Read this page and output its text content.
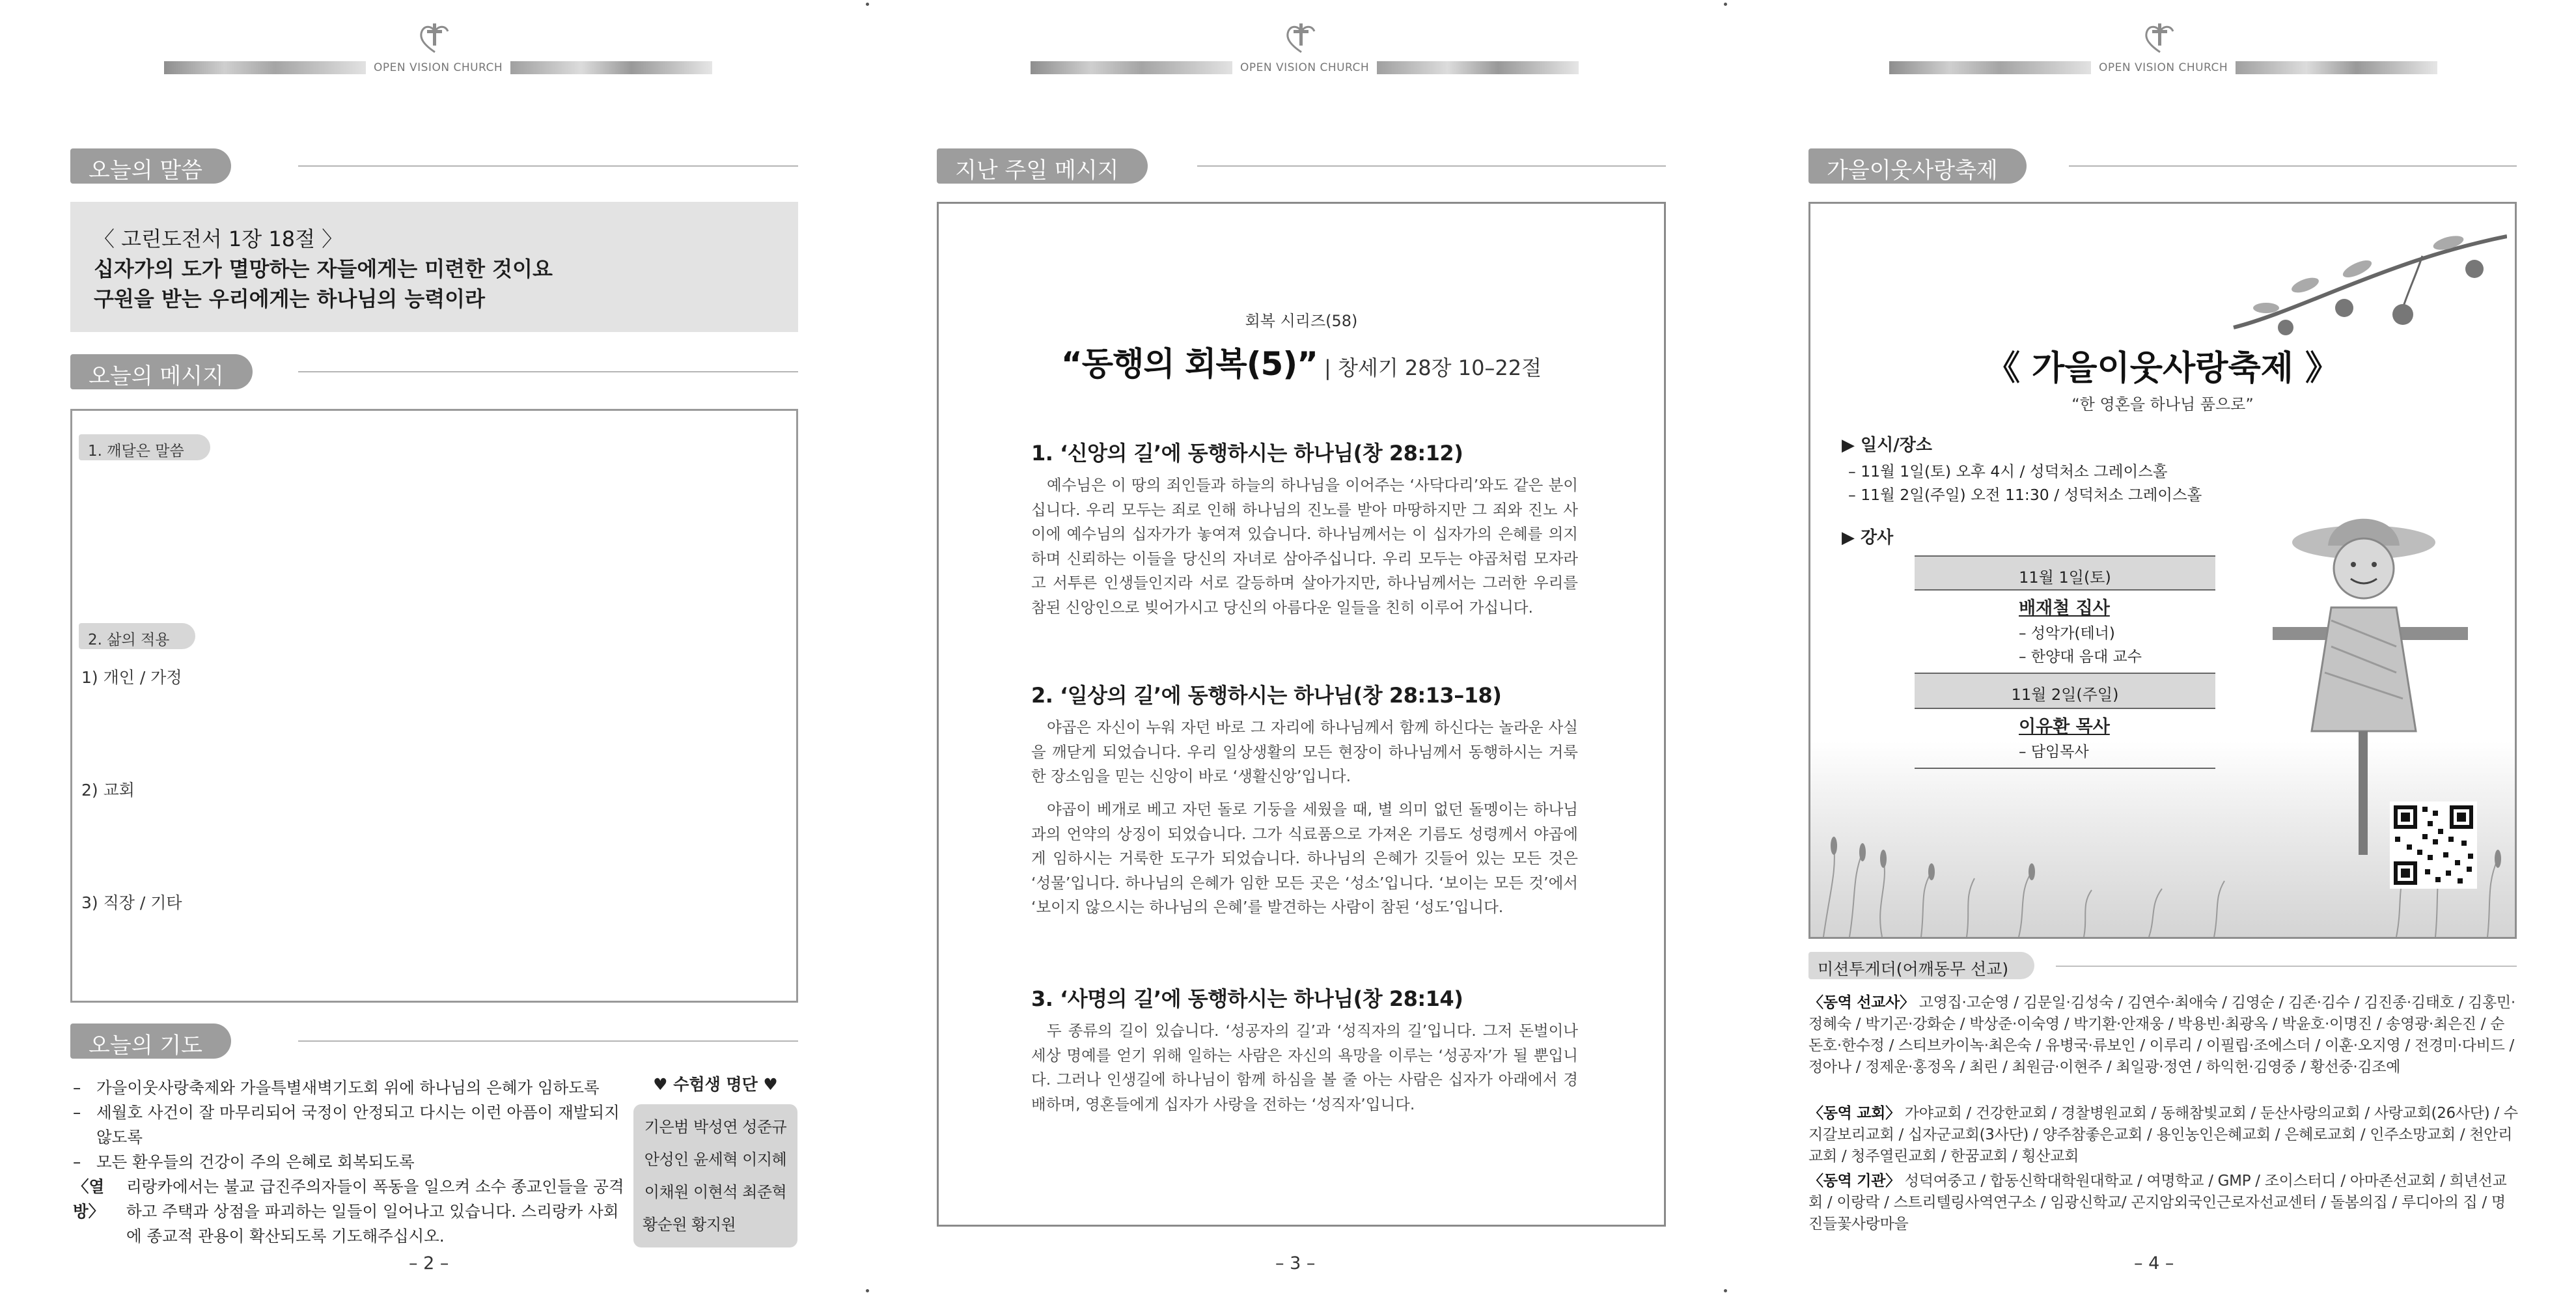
OPEN VISION CHURCH
오늘의 말씀
〈 고린도전서 1장 18절 〉
십자가의 도가 멸망하는 자들에게는 미련한 것이요
구원을 받는 우리에게는 하나님의 능력이라
오늘의 메시지
1. 깨달은 말씀
2. 삶의 적용
1) 개인 / 가정
2) 교회
3) 직장 / 기타
오늘의 기도
– 가을이웃사랑축제와 가을특별새벽기도회 위에 하나님의 은혜가 임하도록
– 세월호 사건이 잘 마무리되어 국정이 안정되고 다시는 이런 아픔이 재발되지 않도록
– 모든 환우들의 건강이 주의 은혜로 회복되도록
〈열방〉
리랑카에서는 불교 급진주의자들이 폭동을 일으켜 소수 종교인들을 공격하고 주택과 상점을 파괴하는 일들이 일어나고 있습니다. 스리랑카 사회에 종교적 관용이 확산되도록 기도해주십시오.
♥ 수험생 명단 ♥
기은범 박성연 성준규
안성인 윤세혁 이지혜
이채원 이현석 최준혁
황순원 황지원
– 2 –
OPEN VISION CHURCH
지난 주일 메시지
회복 시리즈(58)
“동행의 회복(5)” | 창세기 28장 10–22절
1. ‘신앙의 길’에 동행하시는 하나님(창 28:12)
예수님은 이 땅의 죄인들과 하늘의 하나님을 이어주는 ‘사닥다리’와도 같은 분이십니다. 우리 모두는 죄로 인해 하나님의 진노를 받아 마땅하지만 그 죄와 진노 사이에 예수님의 십자가가 놓여져 있습니다. 하나님께서는 이 십자가의 은혜를 의지하며 신뢰하는 이들을 당신의 자녀로 삼아주십니다. 우리 모두는 야곱처럼 모자라고 서투른 인생들인지라 서로 갈등하며 살아가지만, 하나님께서는 그러한 우리를 참된 신앙인으로 빚어가시고 당신의 아름다운 일들을 친히 이루어 가십니다.
2. ‘일상의 길’에 동행하시는 하나님(창 28:13–18)
야곱은 자신이 누워 자던 바로 그 자리에 하나님께서 함께 하신다는 놀라운 사실을 깨닫게 되었습니다. 우리 일상생활의 모든 현장이 하나님께서 동행하시는 거룩한 장소임을 믿는 신앙이 바로 ‘생활신앙’입니다.
야곱이 베개로 베고 자던 돌로 기둥을 세웠을 때, 별 의미 없던 돌멩이는 하나님과의 언약의 상징이 되었습니다. 그가 식료품으로 가져온 기름도 성령께서 야곱에게 임하시는 거룩한 도구가 되었습니다. 하나님의 은혜가 깃들어 있는 모든 것은 ‘성물’입니다. 하나님의 은혜가 임한 모든 곳은 ‘성소’입니다. ‘보이는 모든 것’에서 ‘보이지 않으시는 하나님의 은혜’를 발견하는 사람이 참된 ‘성도’입니다.
3. ‘사명의 길’에 동행하시는 하나님(창 28:14)
두 종류의 길이 있습니다. ‘성공자의 길’과 ‘성직자의 길’입니다. 그저 돈벌이나 세상 명예를 얻기 위해 일하는 사람은 자신의 욕망을 이루는 ‘성공자’가 될 뿐입니다. 그러나 인생길에 하나님이 함께 하심을 볼 줄 아는 사람은 십자가 아래에서 경배하며, 영혼들에게 십자가 사랑을 전하는 ‘성직자’입니다.
– 3 –
OPEN VISION CHURCH
가을이웃사랑축제
《 가을이웃사랑축제 》
“한 영혼을 하나님 품으로”
▶ 일시/장소
– 11월 1일(토) 오후 4시 / 성덕처소 그레이스홀
– 11월 2일(주일) 오전 11:30 / 성덕처소 그레이스홀
▶ 강사
11월 1일(토)
배재철 집사
– 성악가(테너)
– 한양대 음대 교수
11월 2일(주일)
이유환 목사
– 담임목사
미션투게더(어깨동무 선교)
〈동역 선교사〉 고영집·고순영 / 김문일·김성숙 / 김연수·최애숙 / 김영순 / 김존·김수 / 김진종·김태호 / 김홍민·정혜숙 / 박기곤·강화순 / 박상준·이숙영 / 박기환·안재웅 / 박용빈·최광옥 / 박윤호·이명진 / 송영광·최은진 / 순돈호·한수정 / 스티브카이녹·최은숙 / 유병국·류보인 / 이루리 / 이필립·조에스더 / 이훈·오지영 / 전경미·다비드 / 정아나 / 정제운·홍정옥 / 최린 / 최원금·이현주 / 최일광·정연 / 하익헌·김영중 / 황선중·김조예
〈동역 교회〉 가야교회 / 건강한교회 / 경찰병원교회 / 동해참빛교회 / 둔산사랑의교회 / 사랑교회(26사단) / 수지갈보리교회 / 십자군교회(3사단) / 양주참좋은교회 / 용인농인은혜교회 / 은혜로교회 / 인주소망교회 / 천안리교회 / 청주열린교회 / 한꿈교회 / 횡산교회
〈동역 기관〉 성덕여중고 / 합동신학대학원대학교 / 여명학교 / GMP / 조이스터디 / 아마존선교회 / 희년선교회 / 이랑락 / 스트리텔링사역연구소 / 임광신학교/ 곤지암외국인근로자선교센터 / 돌봄의집 / 루디아의 집 / 명진들꽃사랑마을
– 4 –
